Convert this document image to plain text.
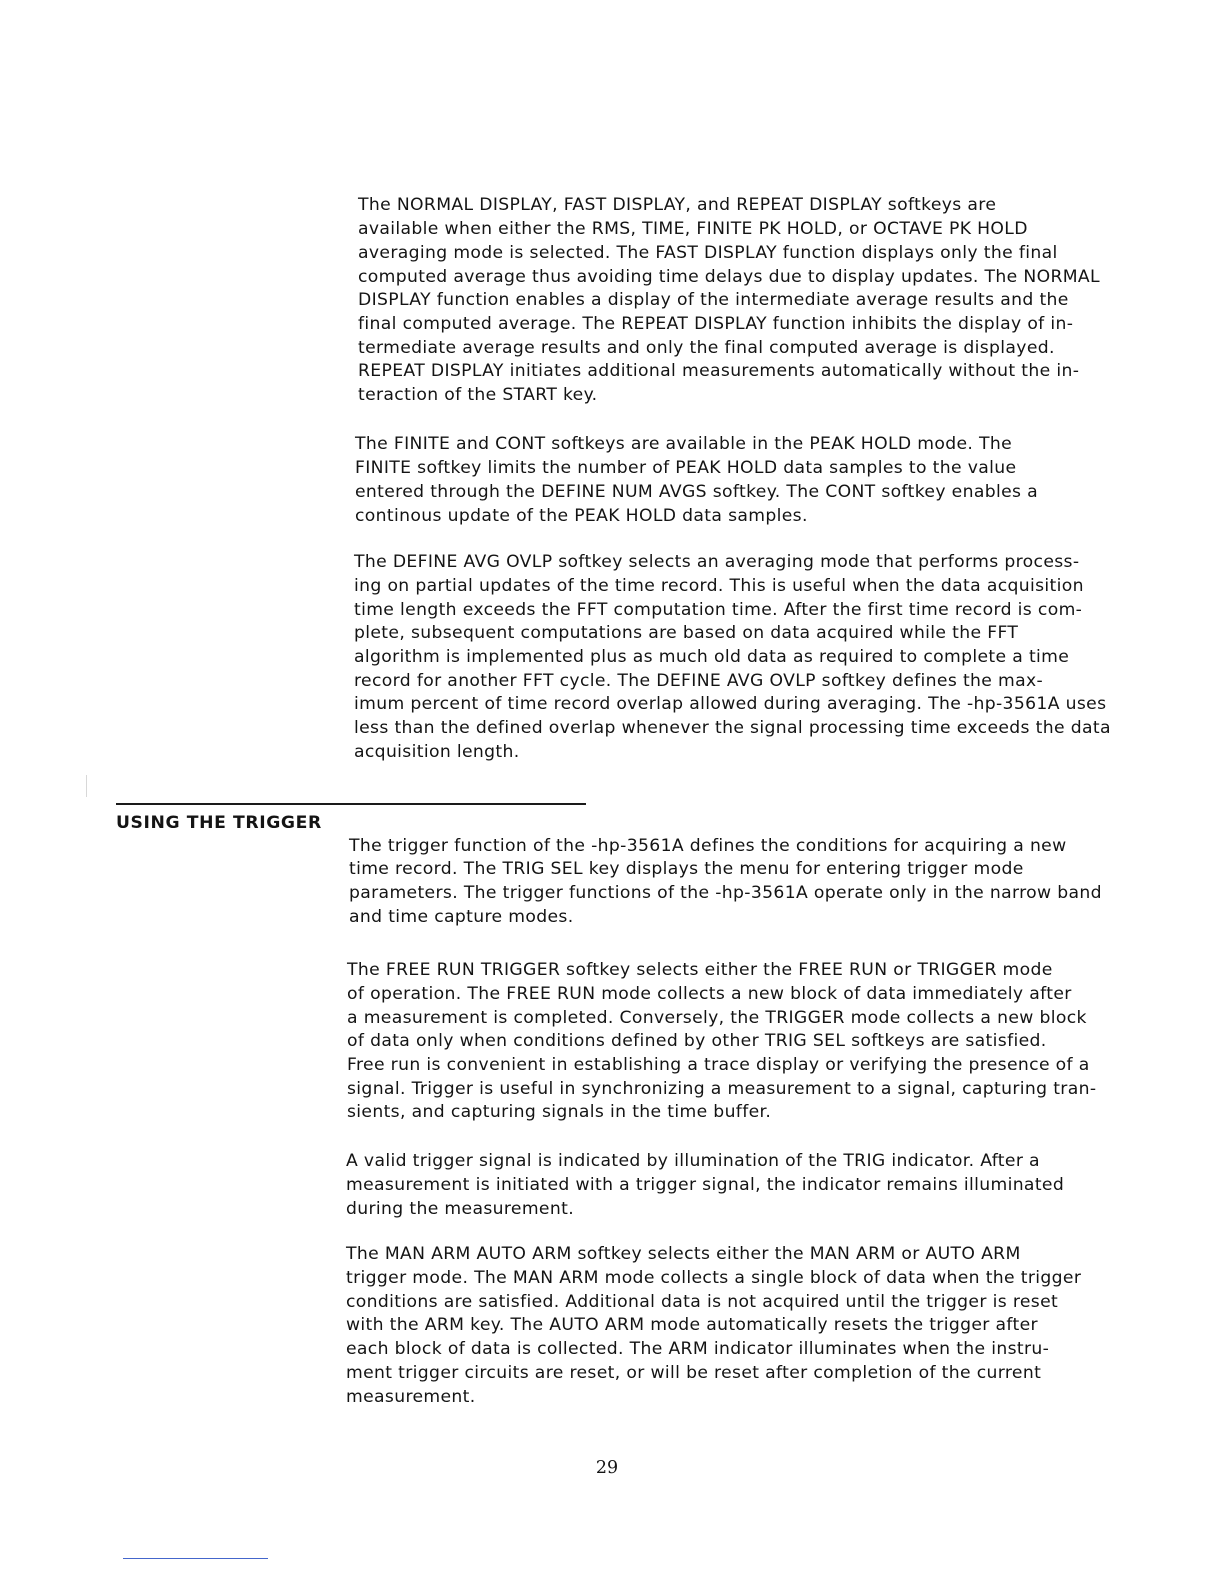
The NORMAL DISPLAY, FAST DISPLAY, and REPEAT DISPLAY softkeys are
available when either the RMS, TIME, FINITE PK HOLD, or OCTAVE PK HOLD
averaging mode is selected. The FAST DISPLAY function displays only the final
computed average thus avoiding time delays due to display updates. The NORMAL
DISPLAY function enables a display of the intermediate average results and the
final computed average. The REPEAT DISPLAY function inhibits the display of in-
termediate average results and only the final computed average is displayed.
REPEAT DISPLAY initiates additional measurements automatically without the in-
teraction of the START key.
The FINITE and CONT softkeys are available in the PEAK HOLD mode. The
FINITE softkey limits the number of PEAK HOLD data samples to the value
entered through the DEFINE NUM AVGS softkey. The CONT softkey enables a
continous update of the PEAK HOLD data samples.
The DEFINE AVG OVLP softkey selects an averaging mode that performs process-
ing on partial updates of the time record. This is useful when the data acquisition
time length exceeds the FFT computation time. After the first time record is com-
plete, subsequent computations are based on data acquired while the FFT
algorithm is implemented plus as much old data as required to complete a time
record for another FFT cycle. The DEFINE AVG OVLP softkey defines the max-
imum percent of time record overlap allowed during averaging. The -hp-3561A uses
less than the defined overlap whenever the signal processing time exceeds the data
acquisition length.
USING THE TRIGGER
The trigger function of the -hp-3561A defines the conditions for acquiring a new
time record. The TRIG SEL key displays the menu for entering trigger mode
parameters. The trigger functions of the -hp-3561A operate only in the narrow band
and time capture modes.
The FREE RUN TRIGGER softkey selects either the FREE RUN or TRIGGER mode
of operation. The FREE RUN mode collects a new block of data immediately after
a measurement is completed. Conversely, the TRIGGER mode collects a new block
of data only when conditions defined by other TRIG SEL softkeys are satisfied.
Free run is convenient in establishing a trace display or verifying the presence of a
signal. Trigger is useful in synchronizing a measurement to a signal, capturing tran-
sients, and capturing signals in the time buffer.
A valid trigger signal is indicated by illumination of the TRIG indicator. After a
measurement is initiated with a trigger signal, the indicator remains illuminated
during the measurement.
The MAN ARM AUTO ARM softkey selects either the MAN ARM or AUTO ARM
trigger mode. The MAN ARM mode collects a single block of data when the trigger
conditions are satisfied. Additional data is not acquired until the trigger is reset
with the ARM key. The AUTO ARM mode automatically resets the trigger after
each block of data is collected. The ARM indicator illuminates when the instru-
ment trigger circuits are reset, or will be reset after completion of the current
measurement.
29
